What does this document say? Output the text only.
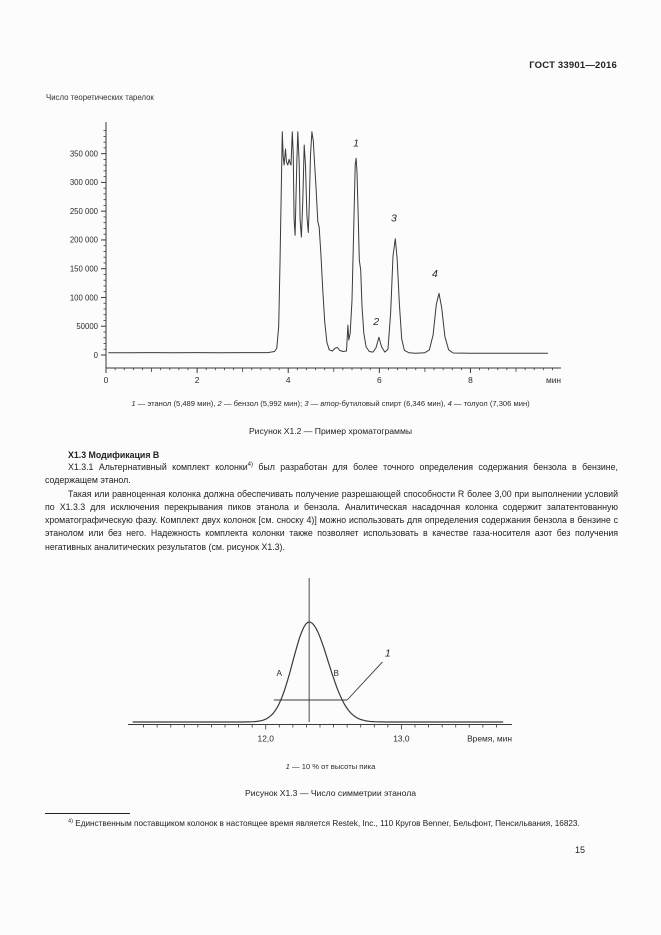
ГОСТ 33901—2016
Число теоретических тарелок
0
50000
100 000
150 000
200 000
250 000
300 000
350 000
0	2	4	6	8	мин
1
2
3
4
1 — этанол (5,489 мин), 2 — бензол (5,992 мин); 3 — втор-бутиловый спирт (6,346 мин), 4 — толуол (7,306 мин)
Рисунок Х1.2 — Пример хроматограммы
Х1.3 Модификация В

Х1.3.1 Альтернативный комплект колонки$^{4)}$ был разработан для более точного определения содержания бензола в бензине, содержащем этанол.

Такая или равноценная колонка должна обеспечивать получение разрешающей способности R более 3,00 при выполнении условий по Х1.3.3 для исключения перекрывания пиков этанола и бензола. Аналитическая насадочная колонка содержит запатентованную хроматографическую фазу. Комплект двух колонок [см. сноску 4)] можно использовать для определения содержания бензола в бензине с этанолом или без него. Надежность комплекта колонки также позволяет использовать в качестве газа-носителя азот без получения негативных аналитических результатов (см. рисунок Х1.3).

12,0	13,0	Время, мин
A	B
1
1 — 10 % от высоты пика
Рисунок Х1.3 — Число симметрии этанола

$^{4)}$ Единственным поставщиком колонок в настоящее время является Restek, Inc., 110 Кругов Benner, Бельфонт, Пенсильвания, 16823.

15
